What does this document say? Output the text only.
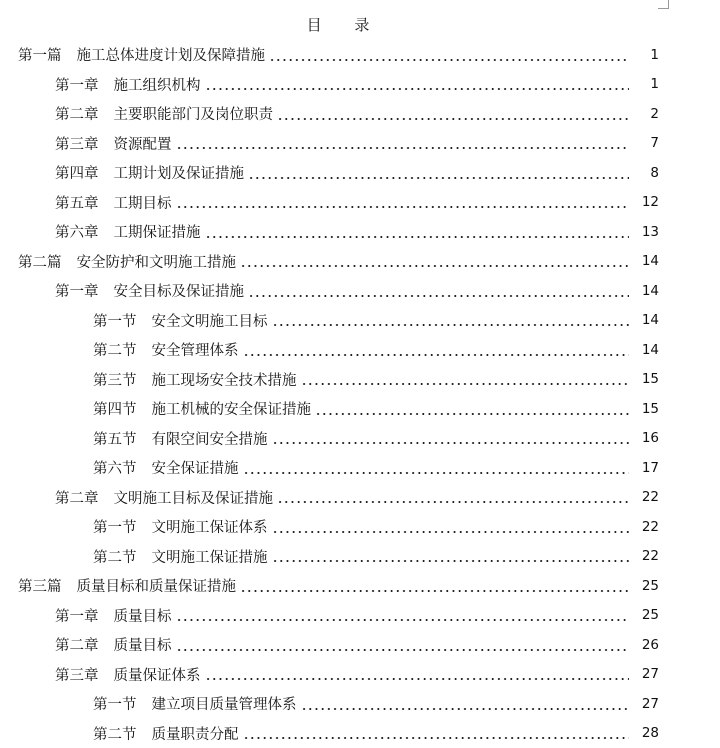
目 录
第一篇 施工总体进度计划及保障措施	1
第一章 施工组织机构	1
第二章 主要职能部门及岗位职责	2
第三章 资源配置	7
第四章 工期计划及保证措施	8
第五章 工期目标	12
第六章 工期保证措施	13
第二篇 安全防护和文明施工措施	14
第一章 安全目标及保证措施	14
第一节 安全文明施工目标	14
第二节 安全管理体系	14
第三节 施工现场安全技术措施	15
第四节 施工机械的安全保证措施	15
第五节 有限空间安全措施	16
第六节 安全保证措施	17
第二章 文明施工目标及保证措施	22
第一节 文明施工保证体系	22
第二节 文明施工保证措施	22
第三篇 质量目标和质量保证措施	25
第一章 质量目标	25
第二章 质量目标	26
第三章 质量保证体系	27
第一节 建立项目质量管理体系	27
第二节 质量职责分配	28
